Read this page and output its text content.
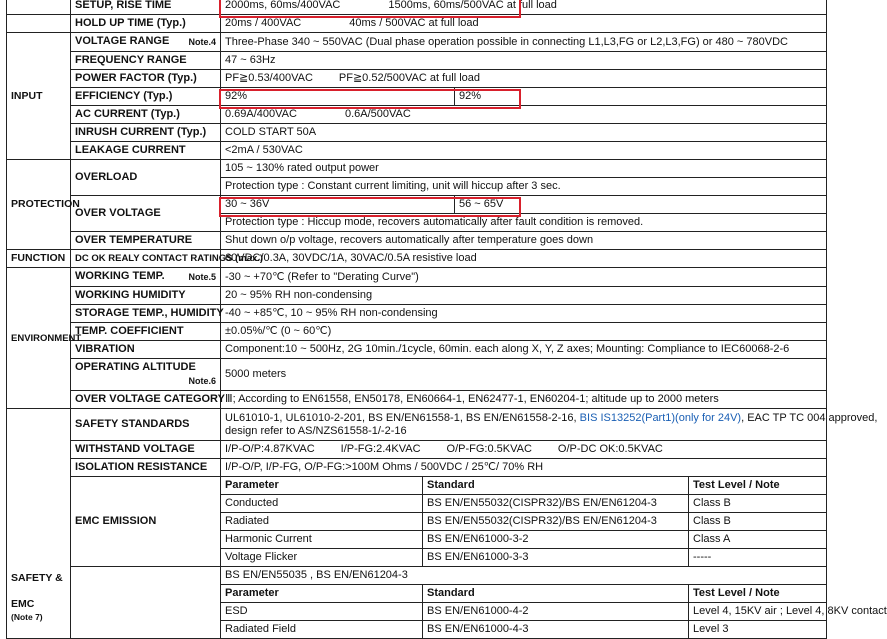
	SETUP, RISE TIME	2000ms, 60ms/400VAC 1500ms, 60ms/500VAC at full load			
	HOLD UP TIME (Typ.)	20ms / 400VAC 40ms / 500VAC at full load			
INPUT	VOLTAGE RANGE Note.4	Three-Phase 340 ~ 550VAC (Dual phase operation possible in connecting L1,L3,FG or L2,L3,FG) or 480 ~ 780VDC			
	FREQUENCY RANGE	47 ~ 63Hz			
	POWER FACTOR (Typ.)	PF≧0.53/400VAC PF≧0.52/500VAC at full load			
	EFFICIENCY (Typ.)	92%		92%	
	AC CURRENT (Typ.)	0.69A/400VAC 0.6A/500VAC			
	INRUSH CURRENT (Typ.)	COLD START 50A			
	LEAKAGE CURRENT	<2mA / 530VAC			
PROTECTION	OVERLOAD	105 ~ 130% rated output power			
		Protection type : Constant current limiting, unit will hiccup after 3 sec.			
	OVER VOLTAGE	30 ~ 36V		56 ~ 65V	
		Protection type : Hiccup mode, recovers automatically after fault condition is removed.			
	OVER TEMPERATURE	Shut down o/p voltage, recovers automatically after temperature goes down			
FUNCTION	DC OK REALY CONTACT RATINGS (max.)	60VDC/0.3A, 30VDC/1A, 30VAC/0.5A resistive load			
ENVIRONMENT	WORKING TEMP. Note.5	-30 ~ +70℃ (Refer to "Derating Curve")			
	WORKING HUMIDITY	20 ~ 95% RH non-condensing			
	STORAGE TEMP., HUMIDITY	-40 ~ +85℃, 10 ~ 95% RH non-condensing			
	TEMP. COEFFICIENT	±0.05%/℃ (0 ~ 60℃)			
	VIBRATION	Component:10 ~ 500Hz, 2G 10min./1cycle, 60min. each along X, Y, Z axes; Mounting: Compliance to IEC60068-2-6			
	OPERATING ALTITUDE
Note.6	5000 meters			
	OVER VOLTAGE CATEGORY	Ⅲ; According to EN61558, EN50178, EN60664-1, EN62477-1, EN60204-1; altitude up to 2000 meters			
SAFETY &

EMC
(Note 7)	SAFETY STANDARDS	UL61010-1, UL61010-2-201, BS EN/EN61558-1, BS EN/EN61558-2-16, BIS IS13252(Part1)(only for 24V), EAC TP TC 004 approved,
design refer to AS/NZS61558-1/-2-16			
	WITHSTAND VOLTAGE	I/P-O/P:4.87KVAC I/P-FG:2.4KVAC O/P-FG:0.5KVAC O/P-DC OK:0.5KVAC			
	ISOLATION RESISTANCE	I/P-O/P, I/P-FG, O/P-FG:>100M Ohms / 500VDC / 25℃/ 70% RH			
	EMC EMISSION	Parameter	Standard		Test Level / Note
		Conducted	BS EN/EN55032(CISPR32)/BS EN/EN61204-3		Class B
		Radiated	BS EN/EN55032(CISPR32)/BS EN/EN61204-3		Class B
		Harmonic Current	BS EN/EN61000-3-2		Class A
		Voltage Flicker	BS EN/EN61000-3-3		-----
		BS EN/EN55035 , BS EN/EN61204-3			
		Parameter	Standard		Test Level / Note
		ESD	BS EN/EN61000-4-2		Level 4, 15KV air ; Level 4, 8KV contact
		Radiated Field	BS EN/EN61000-4-3		Level 3
